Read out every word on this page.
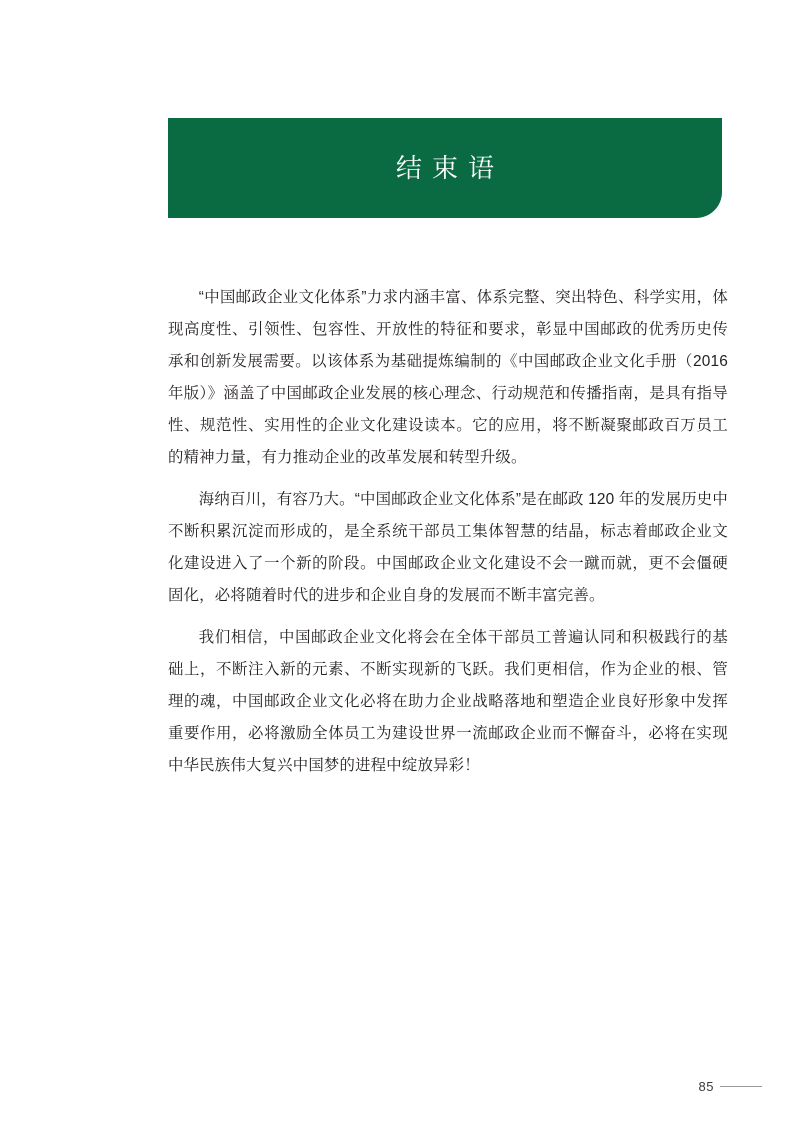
结束语

“中国邮政企业文化体系”力求内涵丰富、体系完整、突出特色、科学实用，体现高度性、引领性、包容性、开放性的特征和要求，彰显中国邮政的优秀历史传承和创新发展需要。以该体系为基础提炼编制的《中国邮政企业文化手册（2016年版）》涵盖了中国邮政企业发展的核心理念、行动规范和传播指南，是具有指导性、规范性、实用性的企业文化建设读本。它的应用，将不断凝聚邮政百万员工的精神力量，有力推动企业的改革发展和转型升级。

海纳百川，有容乃大。“中国邮政企业文化体系”是在邮政 120 年的发展历史中不断积累沉淀而形成的，是全系统干部员工集体智慧的结晶，标志着邮政企业文化建设进入了一个新的阶段。中国邮政企业文化建设不会一蹴而就，更不会僵硬固化，必将随着时代的进步和企业自身的发展而不断丰富完善。

我们相信，中国邮政企业文化将会在全体干部员工普遍认同和积极践行的基础上，不断注入新的元素、不断实现新的飞跃。我们更相信，作为企业的根、管理的魂，中国邮政企业文化必将在助力企业战略落地和塑造企业良好形象中发挥重要作用，必将激励全体员工为建设世界一流邮政企业而不懈奋斗，必将在实现中华民族伟大复兴中国梦的进程中绽放异彩！

85
